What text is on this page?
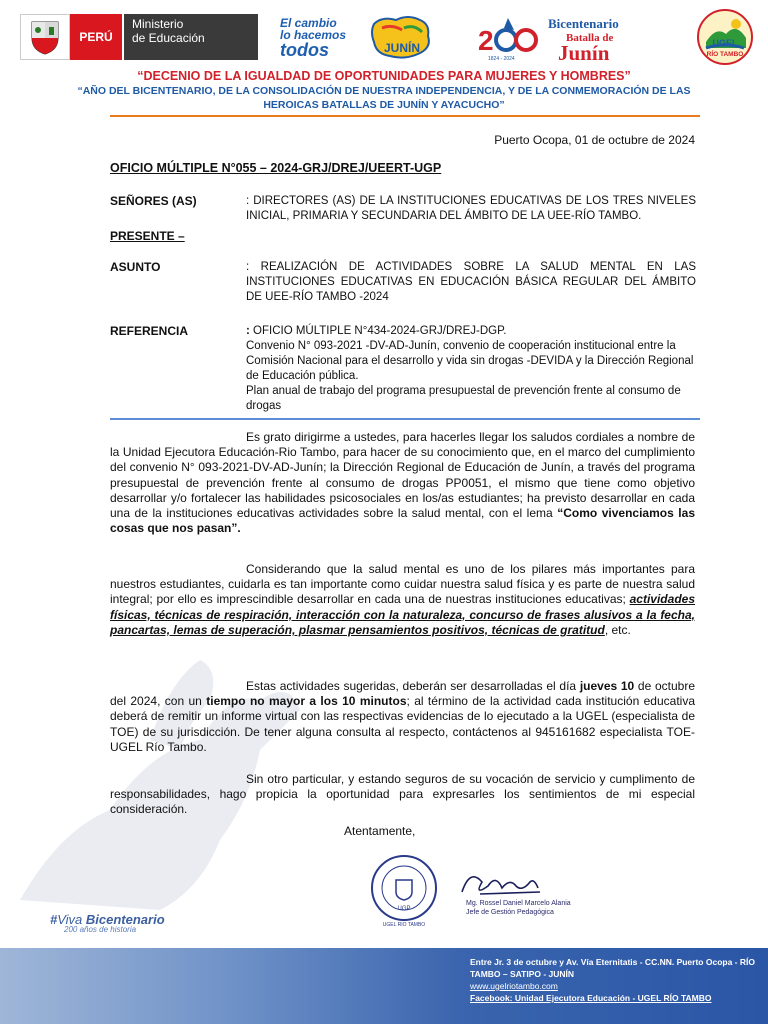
PERÚ
Ministerio
de Educación
El cambio
lo hacemos
todos	JUNÍN 2
1824 - 2024
Bicentenario
Batalla de
Junín	UGEL
RÍO TAMBO
“DECENIO DE LA IGUALDAD DE OPORTUNIDADES PARA MUJERES Y HOMBRES”
“AÑO DEL BICENTENARIO, DE LA CONSOLIDACIÓN DE NUESTRA INDEPENDENCIA, Y DE LA CONMEMORACIÓN DE LAS HEROICAS BATALLAS DE JUNÍN Y AYACUCHO”
Puerto Ocopa, 01 de octubre de 2024
OFICIO MÚLTIPLE N°055 – 2024-GRJ/DREJ/UEERT-UGP
SEÑORES (AS)	: DIRECTORES (AS) DE LA INSTITUCIONES EDUCATIVAS DE LOS TRES NIVELES INICIAL, PRIMARIA Y SECUNDARIA DEL ÁMBITO DE LA UEE-RÍO TAMBO.
PRESENTE –
ASUNTO	: REALIZACIÓN DE ACTIVIDADES SOBRE LA SALUD MENTAL EN LAS INSTITUCIONES EDUCATIVAS EN EDUCACIÓN BÁSICA REGULAR DEL ÁMBITO DE UEE-RÍO TAMBO -2024
REFERENCIA	: OFICIO MÚLTIPLE N°434-2024-GRJ/DREJ-DGP.
Convenio N° 093-2021 -DV-AD-Junín, convenio de cooperación institucional entre la Comisión Nacional para el desarrollo y vida sin drogas -DEVIDA y la Dirección Regional de Educación pública.
Plan anual de trabajo del programa presupuestal de prevención frente al consumo de drogas
Es grato dirigirme a ustedes, para hacerles llegar los saludos cordiales a nombre de la Unidad Ejecutora Educación-Rio Tambo, para hacer de su conocimiento que, en el marco del cumplimiento del convenio N° 093-2021-DV-AD-Junín; la Dirección Regional de Educación de Junín, a través del programa presupuestal de prevención frente al consumo de drogas PP0051, el mismo que tiene como objetivo desarrollar y/o fortalecer las habilidades psicosociales en los/as estudiantes; ha previsto desarrollar en cada una de la instituciones educativas actividades sobre la salud mental, con el lema “Como vivenciamos las cosas que nos pasan”.
Considerando que la salud mental es uno de los pilares más importantes para nuestros estudiantes, cuidarla es tan importante como cuidar nuestra salud física y es parte de nuestra salud integral; por ello es imprescindible desarrollar en cada una de nuestras instituciones educativas; actividades físicas, técnicas de respiración, interacción con la naturaleza, concurso de frases alusivos a la fecha, pancartas, lemas de superación, plasmar pensamientos positivos, técnicas de gratitud, etc.
Estas actividades sugeridas, deberán ser desarrolladas el día jueves 10 de octubre del 2024, con un tiempo no mayor a los 10 minutos; al término de la actividad cada institución educativa deberá de remitir un informe virtual con las respectivas evidencias de lo ejecutado a la UGEL (especialista de TOE) de su jurisdicción. De tener alguna consulta al respecto, contáctenos al 945161682 especialista TOE-UGEL Río Tambo.
Sin otro particular, y estando seguros de su vocación de servicio y cumplimento de responsabilidades, hago propicia la oportunidad para expresarles los sentimientos de mi especial consideración.
Atentamente,
UGP
UGEL RIO TAMBO
Mg. Rossel Daniel Marcelo Alania
Jefe de Gestión Pedagógica
#Viva Bicentenario
200 años de historia
Entre Jr. 3 de octubre y Av. Vía Eternitatis - CC.NN. Puerto Ocopa - RÍO TAMBO – SATIPO - JUNÍN
www.ugelriotambo.com
Facebook: Unidad Ejecutora Educación - UGEL RÍO TAMBO
